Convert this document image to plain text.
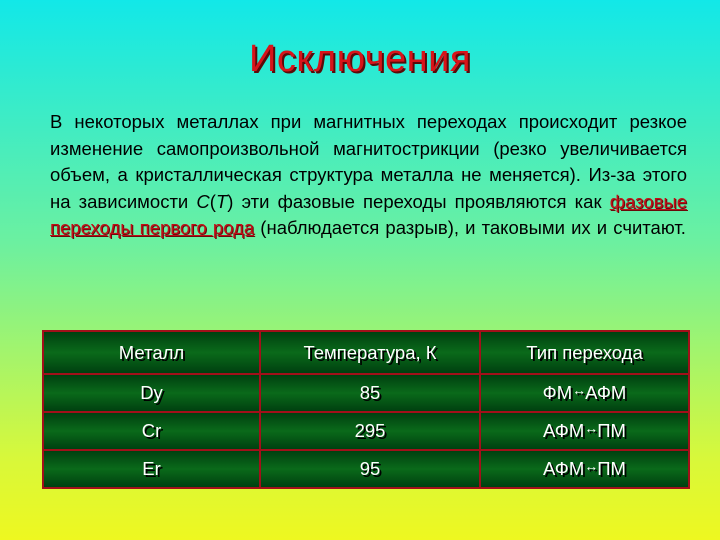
Исключения
В некоторых металлах при магнитных переходах происходит резкое изменение самопроизвольной магнитострикции (резко увеличивается объем, а кристаллическая структура металла не меняется). Из-за этого на зависимости C(T) эти фазовые переходы проявляются как фазовые переходы первого рода (наблюдается разрыв), и таковыми их и считают.
Металл	Температура, К	Тип перехода
Dy	85	ФМ↔АФМ
Cr	295	АФМ↔ПМ
Er	95	АФМ↔ПМ
